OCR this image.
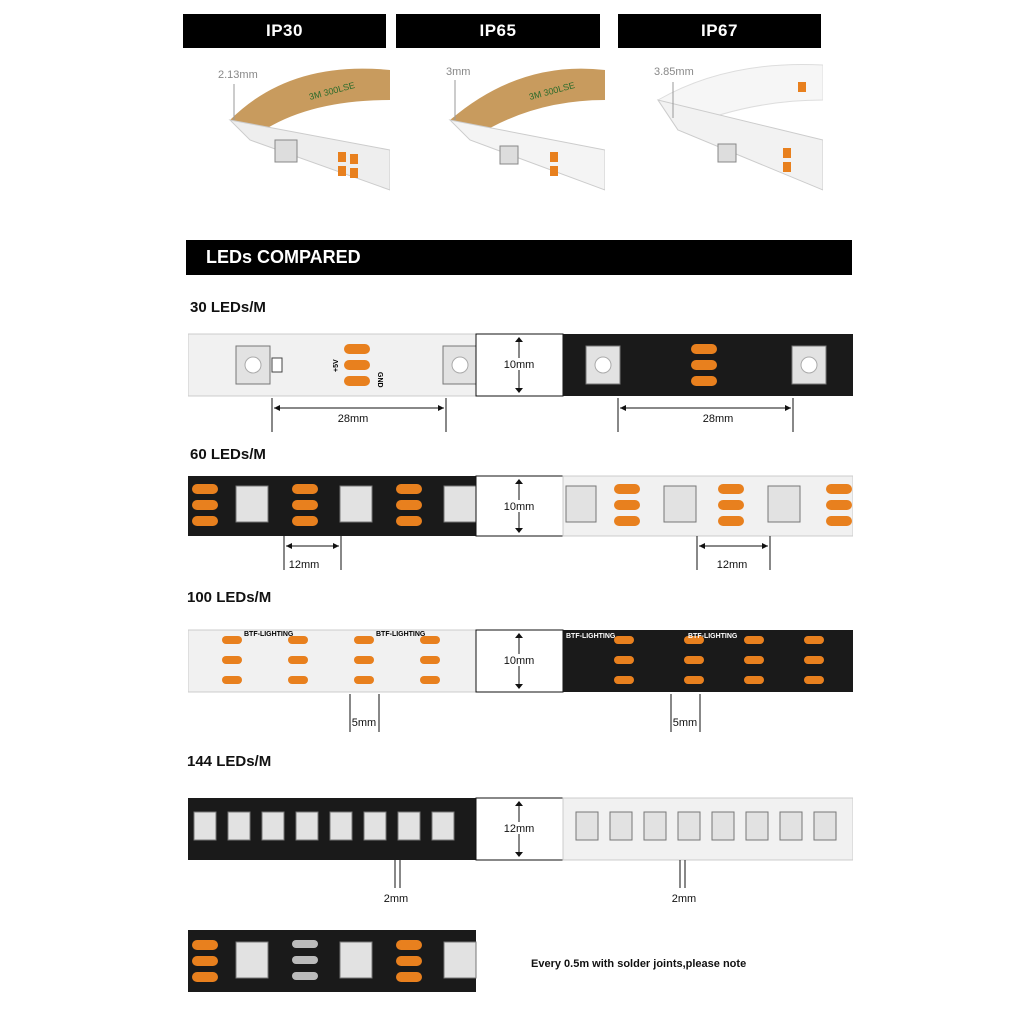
IP30	IP65	IP67
2.13mm
3M 300LSE
3mm
3M 300LSE
3.85mm
LEDs COMPARED
30 LEDs/M
60 LEDs/M
100 LEDs/M
144 LEDs/M
+5V
GND
10mm
28mm	28mm
10mm
12mm	12mm
BTF-LIGHTING	BTF-LIGHTING
10mm
BTF-LIGHTING	BTF-LIGHTING
5mm	5mm
12mm
2mm	2mm
Every 0.5m with solder joints,please note
